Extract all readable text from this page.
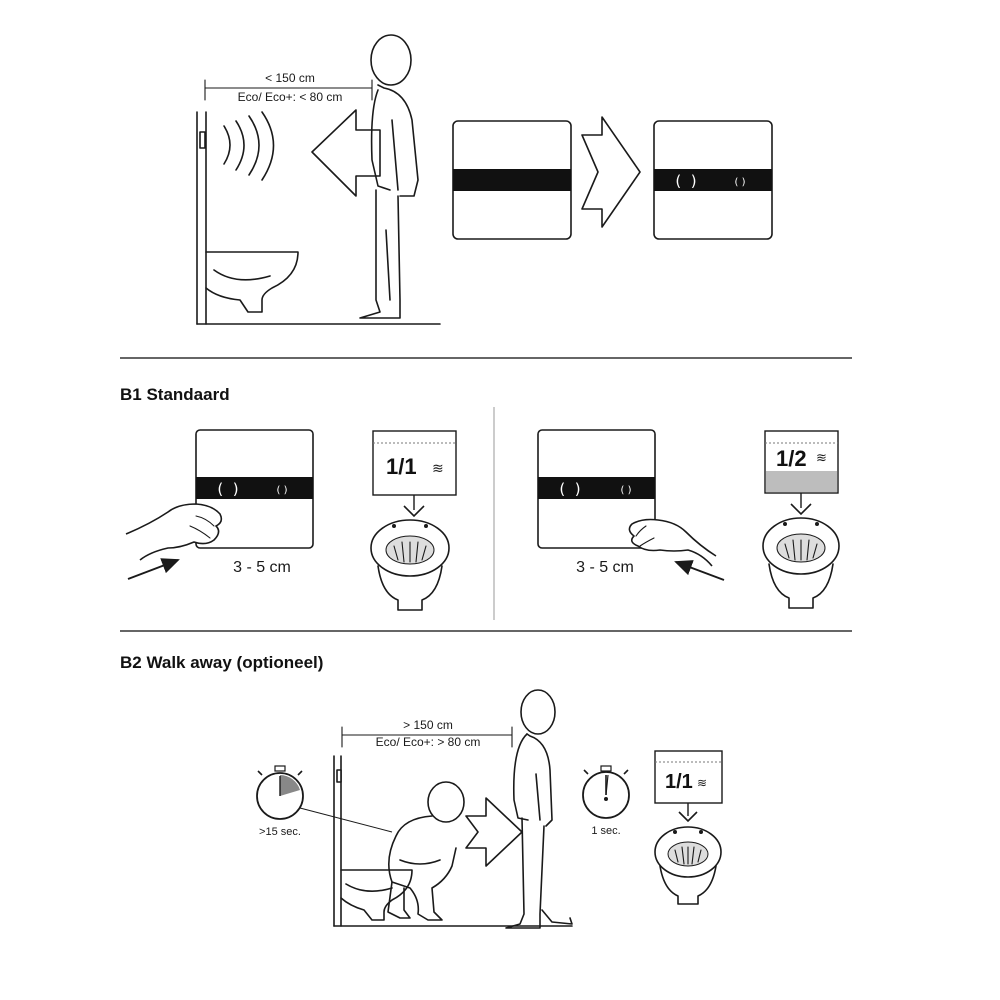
< 150 cm
Eco/ Eco+: < 80 cm
(  )	( )
B1 Standaard
(  )	( )
3 - 5 cm
1/1 ≋
(  )	( )
3 - 5 cm
1/2 ≋
B2 Walk away (optioneel)
> 150 cm
Eco/ Eco+: > 80 cm
>15 sec.	1 sec.
1/1 ≋
